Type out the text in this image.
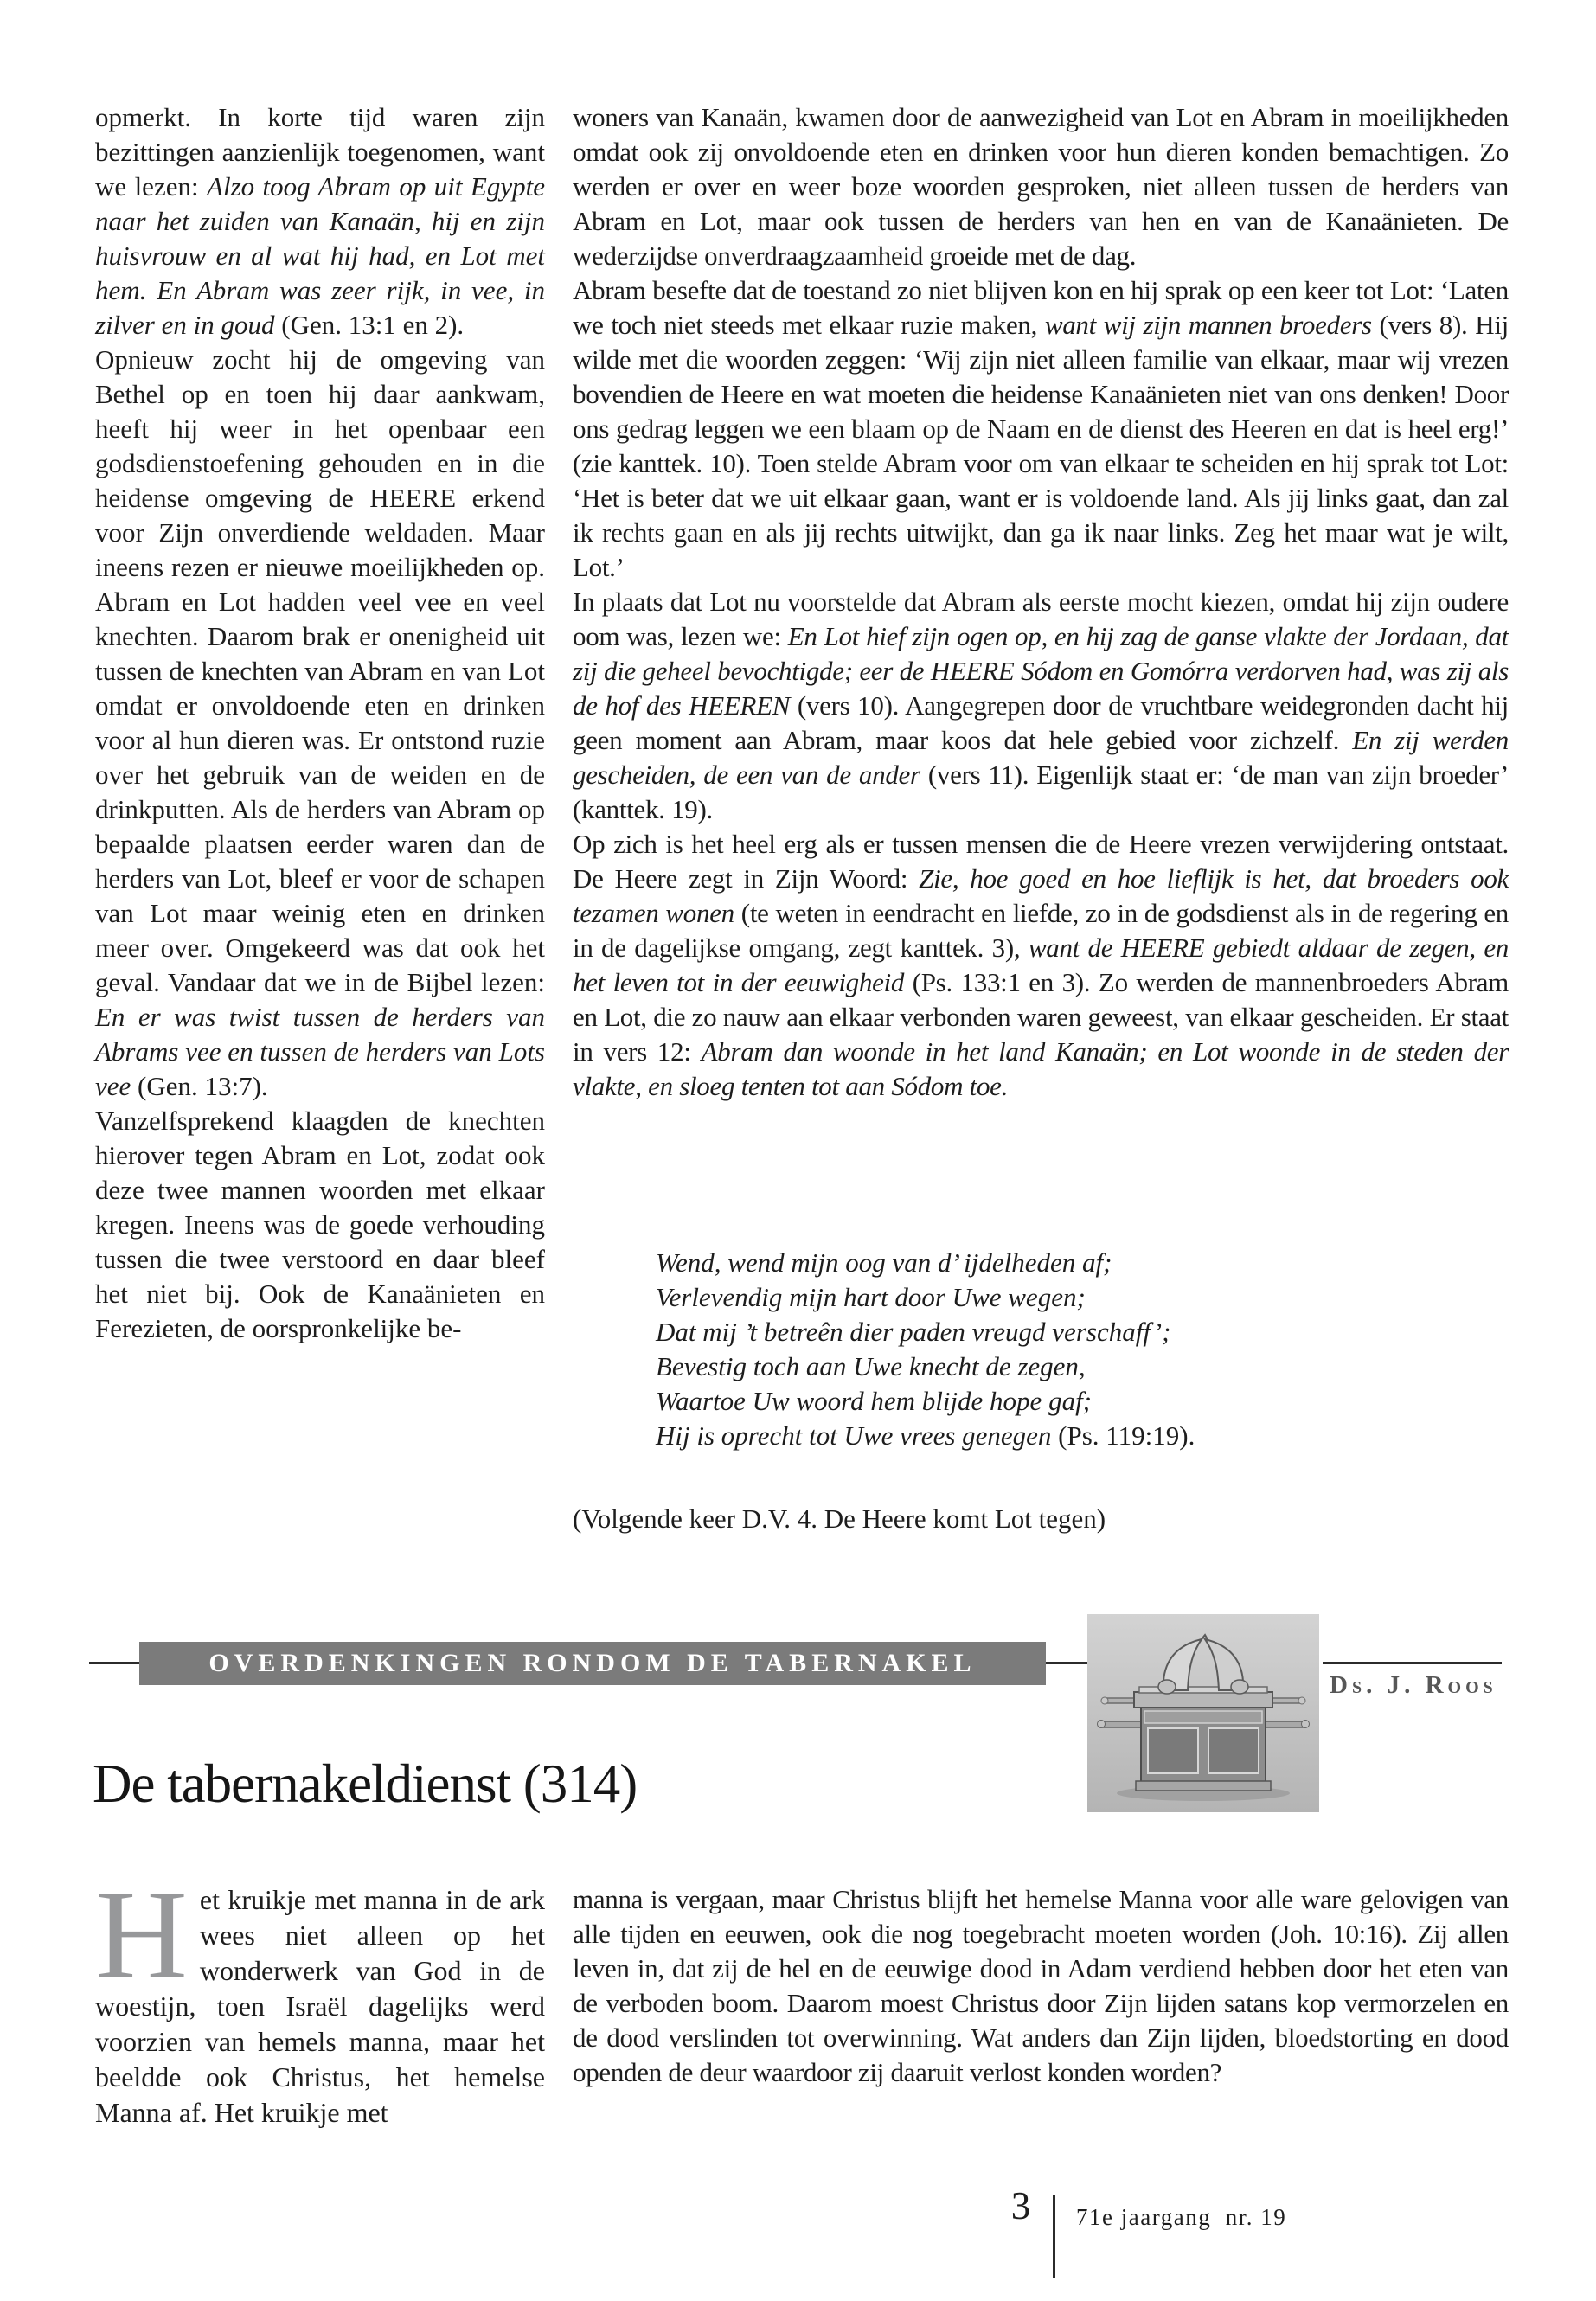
opmerkt. In korte tijd waren zijn bezittingen aanzienlijk toegenomen, want we lezen: Alzo toog Abram op uit Egypte naar het zuiden van Kanaän, hij en zijn huisvrouw en al wat hij had, en Lot met hem. En Abram was zeer rijk, in vee, in zilver en in goud (Gen. 13:1 en 2).

Opnieuw zocht hij de omgeving van Bethel op en toen hij daar aankwam, heeft hij weer in het openbaar een godsdienstoefening gehouden en in die heidense omgeving de HEERE erkend voor Zijn onverdiende weldaden. Maar ineens rezen er nieuwe moeilijkheden op. Abram en Lot hadden veel vee en veel knechten. Daarom brak er onenigheid uit tussen de knechten van Abram en van Lot omdat er onvoldoende eten en drinken voor al hun dieren was. Er ontstond ruzie over het gebruik van de weiden en de drinkputten. Als de herders van Abram op bepaalde plaatsen eerder waren dan de herders van Lot, bleef er voor de schapen van Lot maar weinig eten en drinken meer over. Omgekeerd was dat ook het geval. Vandaar dat we in de Bijbel lezen: En er was twist tussen de herders van Abrams vee en tussen de herders van Lots vee (Gen. 13:7).

Vanzelfsprekend klaagden de knechten hierover tegen Abram en Lot, zodat ook deze twee mannen woorden met elkaar kregen. Ineens was de goede verhouding tussen die twee verstoord en daar bleef het niet bij. Ook de Kanaänieten en Ferezieten, de oorspronkelijke be-

woners van Kanaän, kwamen door de aanwezigheid van Lot en Abram in moeilijkheden omdat ook zij onvoldoende eten en drinken voor hun dieren konden bemachtigen. Zo werden er over en weer boze woorden gesproken, niet alleen tussen de herders van Abram en Lot, maar ook tussen de herders van hen en van de Kanaänieten. De wederzijdse onverdraagzaamheid groeide met de dag.

Abram besefte dat de toestand zo niet blijven kon en hij sprak op een keer tot Lot: ‘Laten we toch niet steeds met elkaar ruzie maken, want wij zijn mannen broeders (vers 8). Hij wilde met die woorden zeggen: ‘Wij zijn niet alleen familie van elkaar, maar wij vrezen bovendien de Heere en wat moeten die heidense Kanaänieten niet van ons denken! Door ons gedrag leggen we een blaam op de Naam en de dienst des Heeren en dat is heel erg!’ (zie kanttek. 10). Toen stelde Abram voor om van elkaar te scheiden en hij sprak tot Lot: ‘Het is beter dat we uit elkaar gaan, want er is voldoende land. Als jij links gaat, dan zal ik rechts gaan en als jij rechts uitwijkt, dan ga ik naar links. Zeg het maar wat je wilt, Lot.’

In plaats dat Lot nu voorstelde dat Abram als eerste mocht kiezen, omdat hij zijn oudere oom was, lezen we: En Lot hief zijn ogen op, en hij zag de ganse vlakte der Jordaan, dat zij die geheel bevochtigde; eer de HEERE Sódom en Gomórra verdorven had, was zij als de hof des HEEREN (vers 10). Aangegrepen door de vruchtbare weidegronden dacht hij geen moment aan Abram, maar koos dat hele gebied voor zichzelf. En zij werden gescheiden, de een van de ander (vers 11). Eigenlijk staat er: ‘de man van zijn broeder’ (kanttek. 19).

Op zich is het heel erg als er tussen mensen die de Heere vrezen verwijdering ontstaat. De Heere zegt in Zijn Woord: Zie, hoe goed en hoe lieflijk is het, dat broeders ook tezamen wonen (te weten in eendracht en liefde, zo in de godsdienst als in de regering en in de dagelijkse omgang, zegt kanttek. 3), want de HEERE gebiedt aldaar de zegen, en het leven tot in der eeuwigheid (Ps. 133:1 en 3). Zo werden de mannenbroeders Abram en Lot, die zo nauw aan elkaar verbonden waren geweest, van elkaar gescheiden. Er staat in vers 12: Abram dan woonde in het land Kanaän; en Lot woonde in de steden der vlakte, en sloeg tenten tot aan Sódom toe.

Wend, wend mijn oog van d’ ijdelheden af;
Verlevendig mijn hart door Uwe wegen;
Dat mij ’t betreên dier paden vreugd verschaff’;
Bevestig toch aan Uwe knecht de zegen,
Waartoe Uw woord hem blijde hope gaf;
Hij is oprecht tot Uwe vrees genegen (Ps. 119:19).
(Volgende keer D.V. 4. De Heere komt Lot tegen)
OVERDENKINGEN RONDOM DE TABERNAKEL
Ds. J. Roos
De tabernakeldienst (314)

Het kruikje met manna in de ark wees niet alleen op het wonderwerk van God in de woestijn, toen Israël dagelijks werd voorzien van hemels manna, maar het beeldde ook Christus, het hemelse Manna af. Het kruikje met

manna is vergaan, maar Christus blijft het hemelse Manna voor alle ware gelovigen van alle tijden en eeuwen, ook die nog toegebracht moeten worden (Joh. 10:16). Zij allen leven in, dat zij de hel en de eeuwige dood in Adam verdiend hebben door het eten van de verboden boom. Daarom moest Christus door Zijn lijden satans kop vermorzelen en de dood verslinden tot overwinning. Wat anders dan Zijn lijden, bloedstorting en dood openden de deur waardoor zij daaruit verlost konden worden?

3	71e jaargang  nr. 19
